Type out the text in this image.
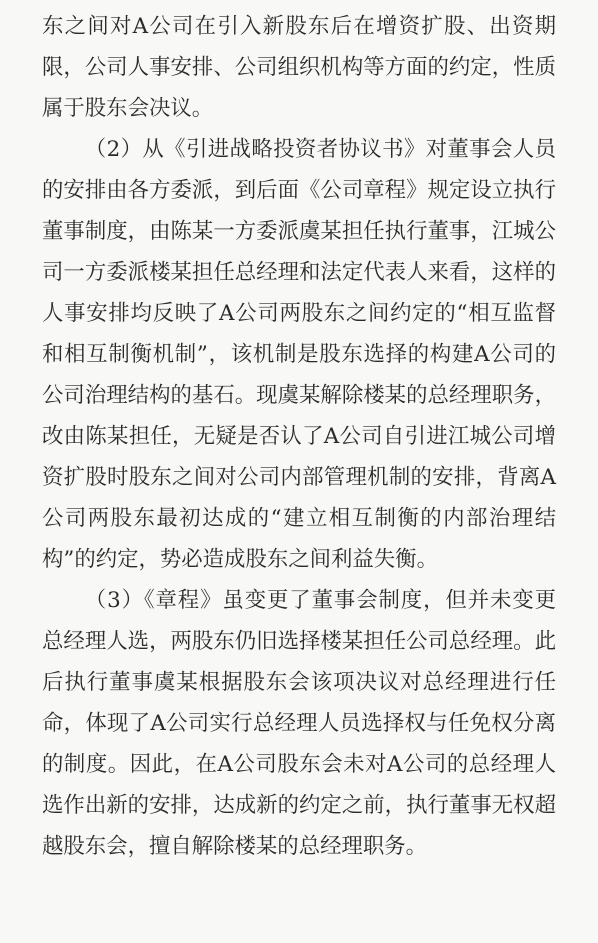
东之间对A公司在引入新股东后在增资扩股、出资期限，公司人事安排、公司组织机构等方面的约定，性质属于股东会决议。

（2）从《引进战略投资者协议书》对董事会人员的安排由各方委派，到后面《公司章程》规定设立执行董事制度，由陈某一方委派虞某担任执行董事，江城公司一方委派楼某担任总经理和法定代表人来看，这样的人事安排均反映了A公司两股东之间约定的“相互监督和相互制衡机制”，该机制是股东选择的构建A公司的公司治理结构的基石。现虞某解除楼某的总经理职务，改由陈某担任，无疑是否认了A公司自引进江城公司增资扩股时股东之间对公司内部管理机制的安排，背离A公司两股东最初达成的“建立相互制衡的内部治理结构”的约定，势必造成股东之间利益失衡。

（3）《章程》虽变更了董事会制度，但并未变更总经理人选，两股东仍旧选择楼某担任公司总经理。此后执行董事虞某根据股东会该项决议对总经理进行任命，体现了A公司实行总经理人员选择权与任免权分离的制度。因此，在A公司股东会未对A公司的总经理人选作出新的安排，达成新的约定之前，执行董事无权超越股东会，擅自解除楼某的总经理职务。
